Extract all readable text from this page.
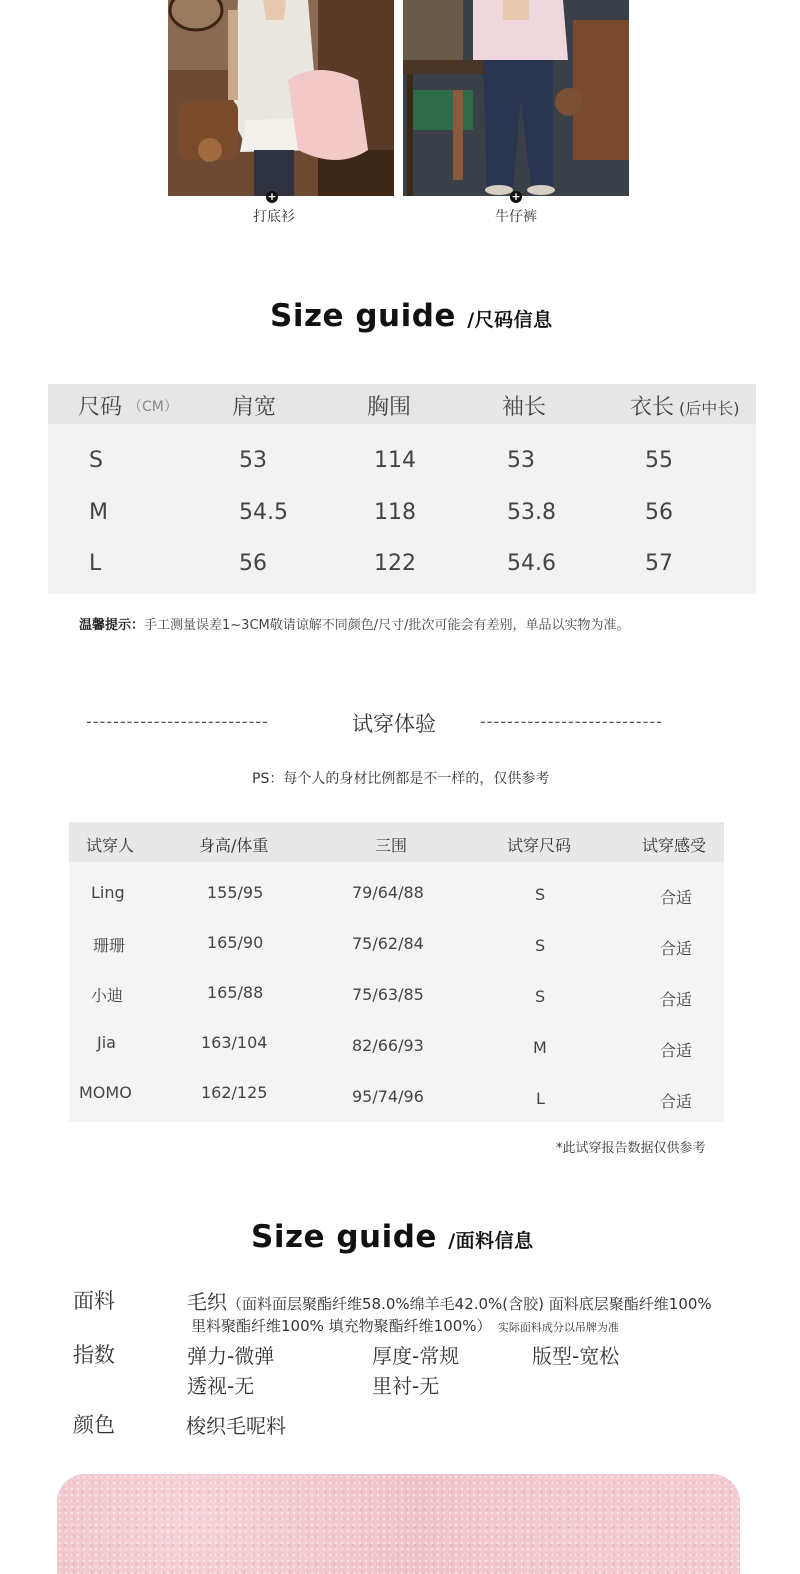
+
打底衫
+
牛仔裤
Size guide /尺码信息
尺码 （CM） 肩宽	胸围	袖长	衣长 (后中长)
S	53	114	53	55
M	54.5	118	53.8	56
L	56	122	54.6	57
温馨提示：手工测量误差1~3CM敬请谅解不同颜色/尺寸/批次可能会有差别，单品以实物为准。
---------------------------	试穿体验	---------------------------
PS：每个人的身材比例都是不一样的，仅供参考
试穿人	身高/体重	三围	试穿尺码	试穿感受
Ling	155/95	79/64/88	S	合适
珊珊	165/90	75/62/84	S	合适
小迪	165/88	75/63/85	S	合适
Jia	163/104	82/66/93	M	合适
MOMO	162/125	95/74/96	L	合适
*此试穿报告数据仅供参考
Size guide /面料信息
面料	毛织（面料面层聚酯纤维58.0%绵羊毛42.0%(含胶) 面料底层聚酯纤维100%
里料聚酯纤维100% 填充物聚酯纤维100%） 实际面料成分以吊牌为准
指数	弹力-微弹	厚度-常规	版型-宽松
透视-无	里衬-无
颜色	梭织毛呢料
